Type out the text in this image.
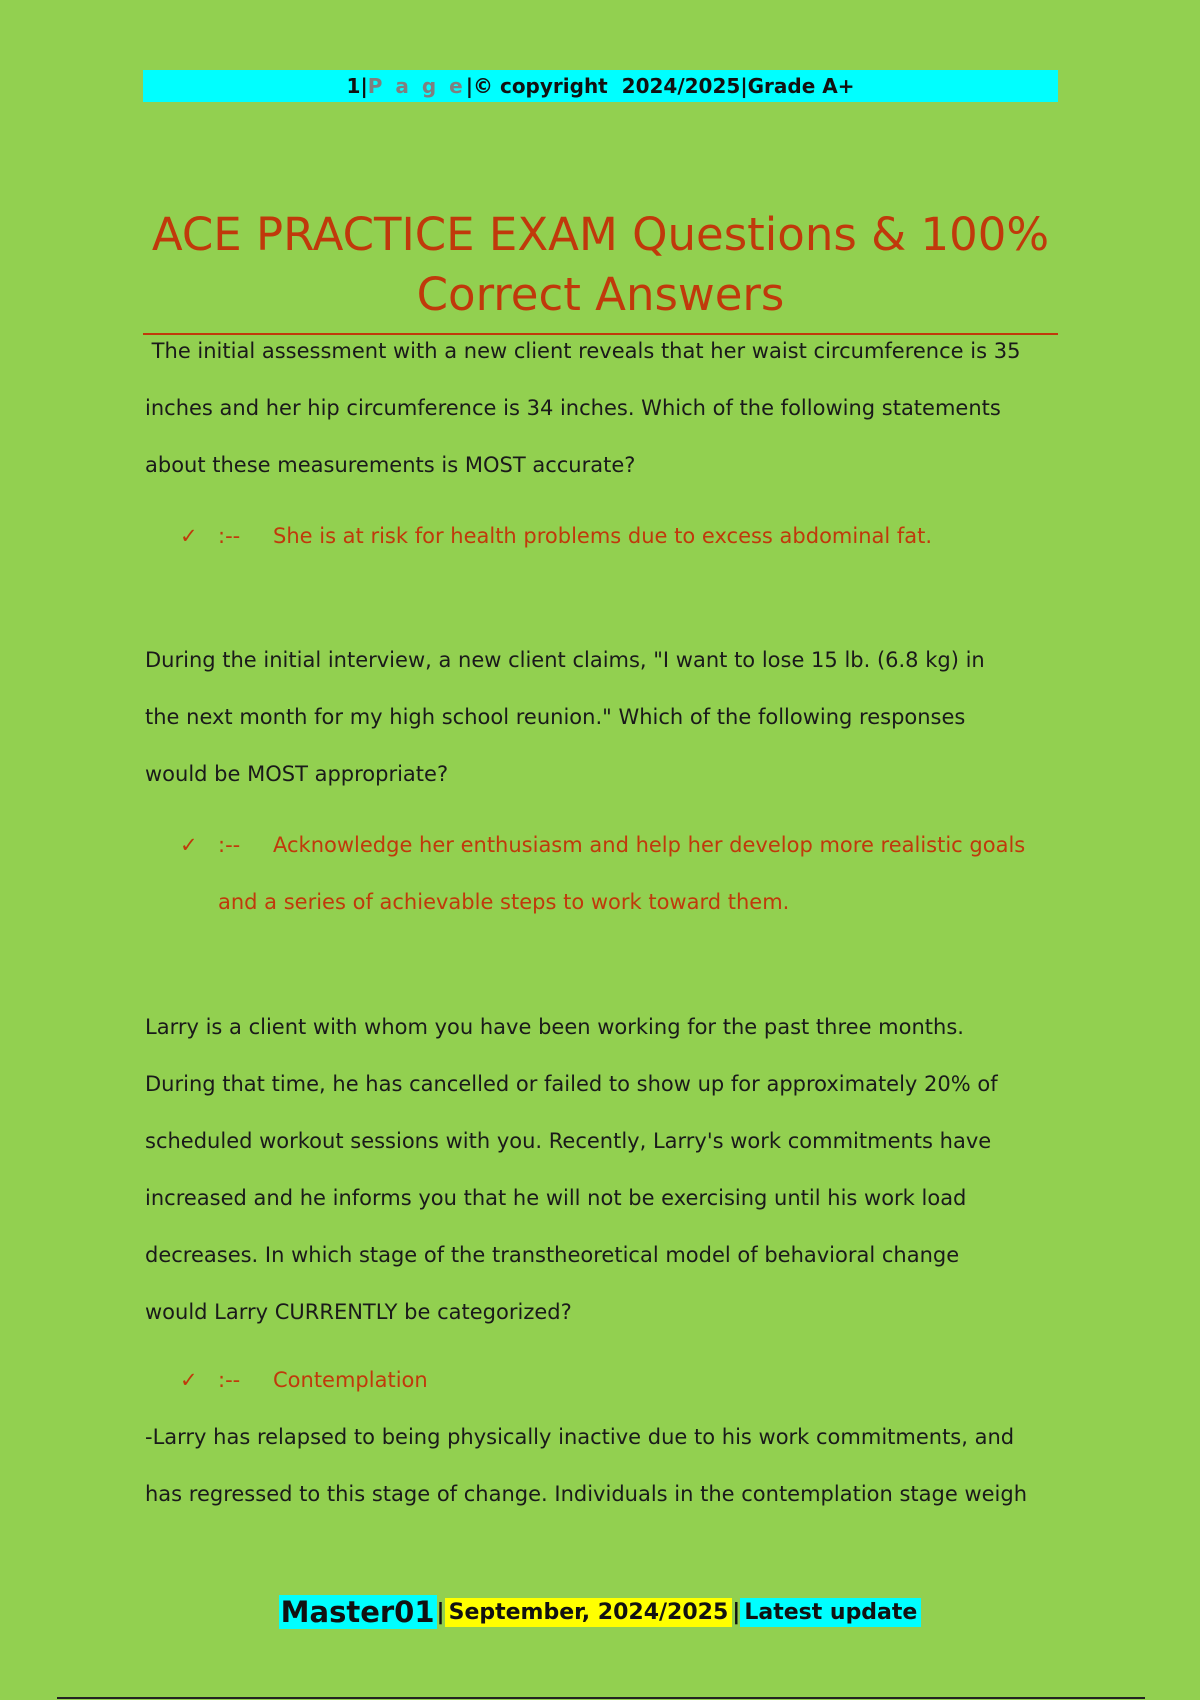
1 | P a g e | © copyright  2024/2025 | Grade A+
ACE PRACTICE EXAM Questions & 100%
Correct Answers
The initial assessment with a new client reveals that her waist circumference is 35
inches and her hip circumference is 34 inches. Which of the following statements
about these measurements is MOST accurate?
✓ :-- She is at risk for health problems due to excess abdominal fat.
During the initial interview, a new client claims, "I want to lose 15 lb. (6.8 kg) in
the next month for my high school reunion." Which of the following responses
would be MOST appropriate?
✓ :-- Acknowledge her enthusiasm and help her develop more realistic goals
and a series of achievable steps to work toward them.
Larry is a client with whom you have been working for the past three months.
During that time, he has cancelled or failed to show up for approximately 20% of
scheduled workout sessions with you. Recently, Larry's work commitments have
increased and he informs you that he will not be exercising until his work load
decreases. In which stage of the transtheoretical model of behavioral change
would Larry CURRENTLY be categorized?
✓ :-- Contemplation
-Larry has relapsed to being physically inactive due to his work commitments, and
has regressed to this stage of change. Individuals in the contemplation stage weigh
Master01 | September, 2024/2025 | Latest update
